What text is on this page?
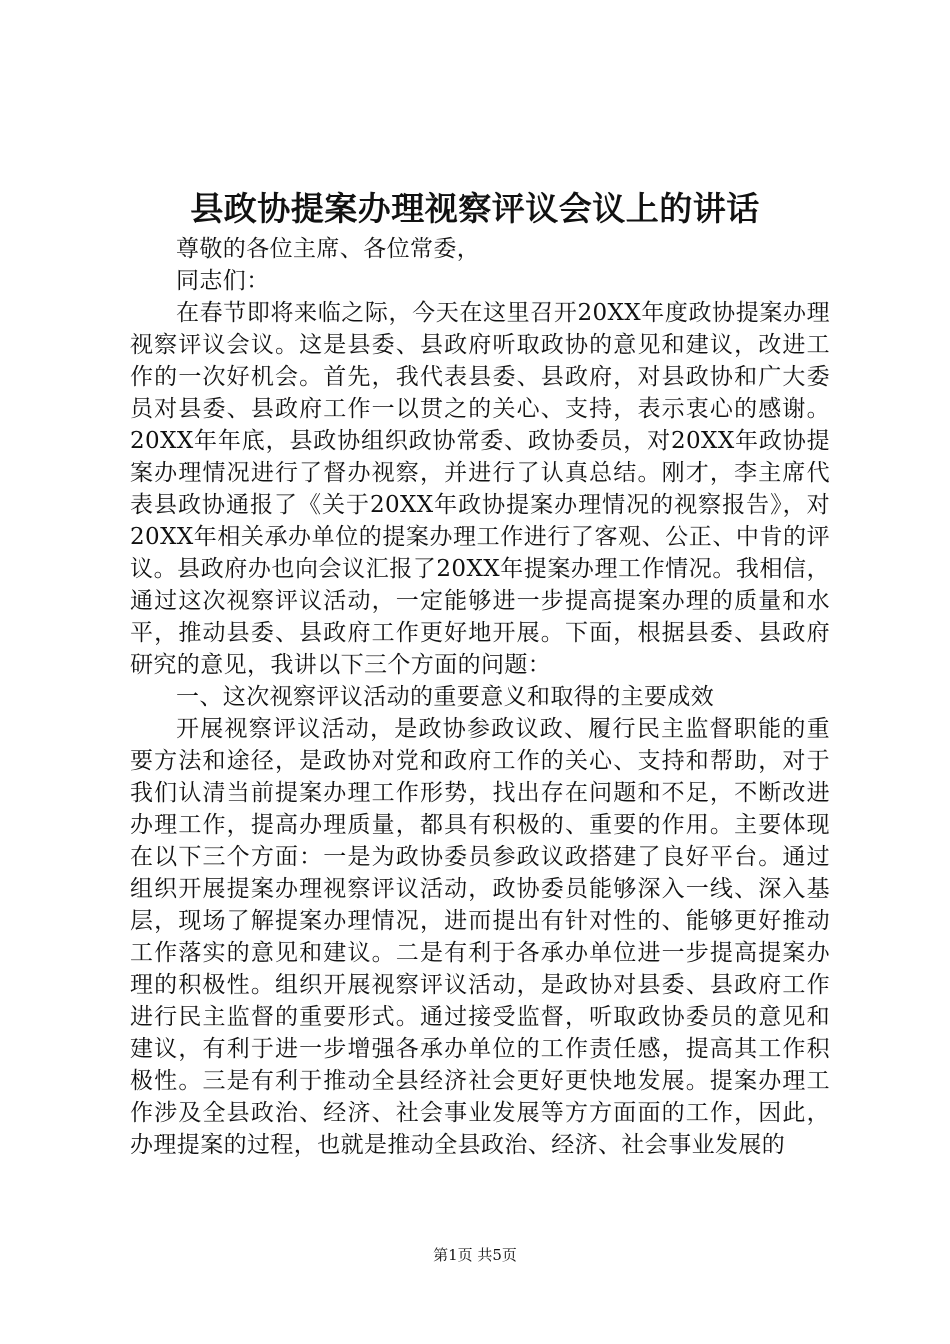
县政协提案办理视察评议会议上的讲话

尊敬的各位主席、各位常委，

同志们：

在春节即将来临之际，今天在这里召开20XX年度政协提案办理视察评议会议。这是县委、县政府听取政协的意见和建议，改进工作的一次好机会。首先，我代表县委、县政府，对县政协和广大委员对县委、县政府工作一以贯之的关心、支持，表示衷心的感谢。20XX年年底，县政协组织政协常委、政协委员，对20XX年政协提案办理情况进行了督办视察，并进行了认真总结。刚才，李主席代表县政协通报了《关于20XX年政协提案办理情况的视察报告》，对20XX年相关承办单位的提案办理工作进行了客观、公正、中肯的评议。县政府办也向会议汇报了20XX年提案办理工作情况。我相信，通过这次视察评议活动，一定能够进一步提高提案办理的质量和水平，推动县委、县政府工作更好地开展。下面，根据县委、县政府研究的意见，我讲以下三个方面的问题：

一、这次视察评议活动的重要意义和取得的主要成效

开展视察评议活动，是政协参政议政、履行民主监督职能的重要方法和途径，是政协对党和政府工作的关心、支持和帮助，对于我们认清当前提案办理工作形势，找出存在问题和不足，不断改进办理工作，提高办理质量，都具有积极的、重要的作用。主要体现在以下三个方面：一是为政协委员参政议政搭建了良好平台。通过组织开展提案办理视察评议活动，政协委员能够深入一线、深入基层，现场了解提案办理情况，进而提出有针对性的、能够更好推动工作落实的意见和建议。二是有利于各承办单位进一步提高提案办理的积极性。组织开展视察评议活动，是政协对县委、县政府工作进行民主监督的重要形式。通过接受监督，听取政协委员的意见和建议，有利于进一步增强各承办单位的工作责任感，提高其工作积极性。三是有利于推动全县经济社会更好更快地发展。提案办理工作涉及全县政治、经济、社会事业发展等方方面面的工作，因此，办理提案的过程，也就是推动全县政治、经济、社会事业发展的

第1页 共5页
